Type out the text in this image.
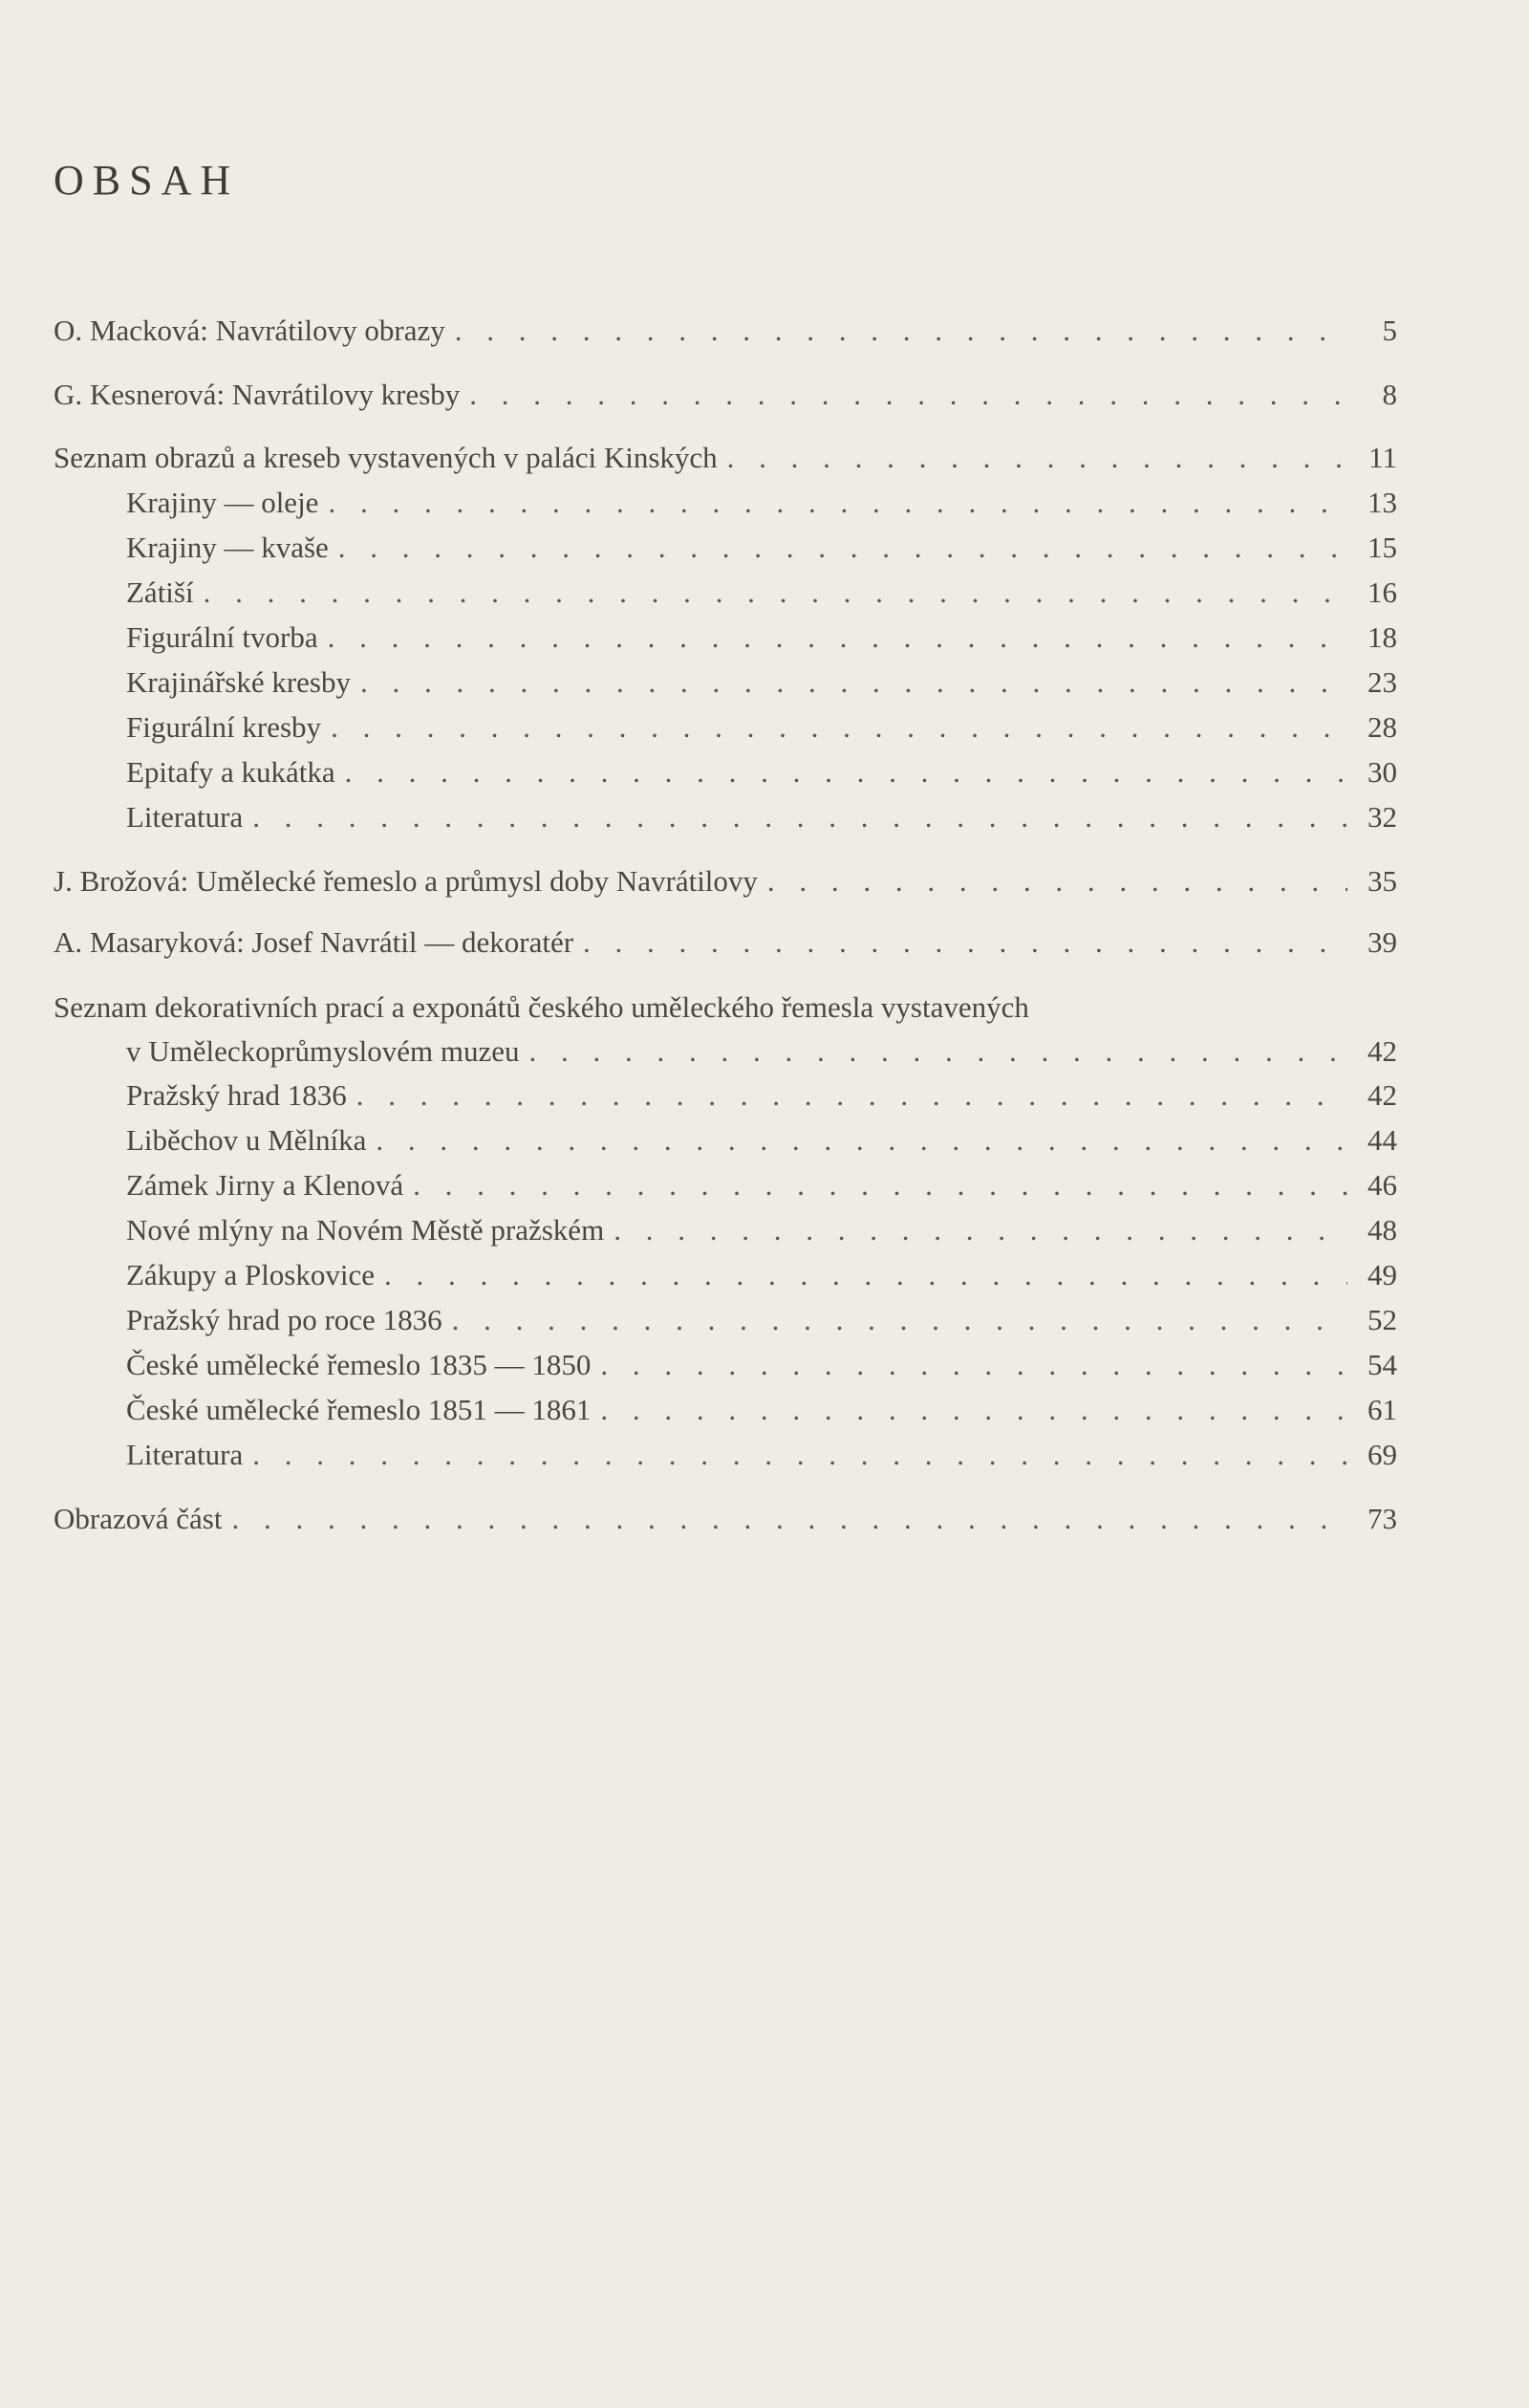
OBSAH
O. Macková: Navrátilovy obrazy . . .	5
G. Kesnerová: Navrátilovy kresby . . .	8
Seznam obrazů a kreseb vystavených v paláci Kinských . . .	11
Krajiny — oleje . . .	13
Krajiny — kvaše . . .	15
Zátiší . . .	16
Figurální tvorba . . .	18
Krajinářské kresby . . .	23
Figurální kresby . . .	28
Epitafy a kukátka . . .	30
Literatura . . .	32
J. Brožová: Umělecké řemeslo a průmysl doby Navrátilovy . . .	35
A. Masaryková: Josef Navrátil — dekoratér . . .	39
Seznam dekorativních prací a exponátů českého uměleckého řemesla vystavených
v Uměleckoprůmyslovém muzeu . . .	42
Pražský hrad 1836 . . .	42
Liběchov u Mělníka . . .	44
Zámek Jirny a Klenová . . .	46
Nové mlýny na Novém Městě pražském . . .	48
Zákupy a Ploskovice . . .	49
Pražský hrad po roce 1836 . . .	52
České umělecké řemeslo 1835 — 1850 . . .	54
České umělecké řemeslo 1851 — 1861 . . .	61
Literatura . . .	69
Obrazová část . . .	73
